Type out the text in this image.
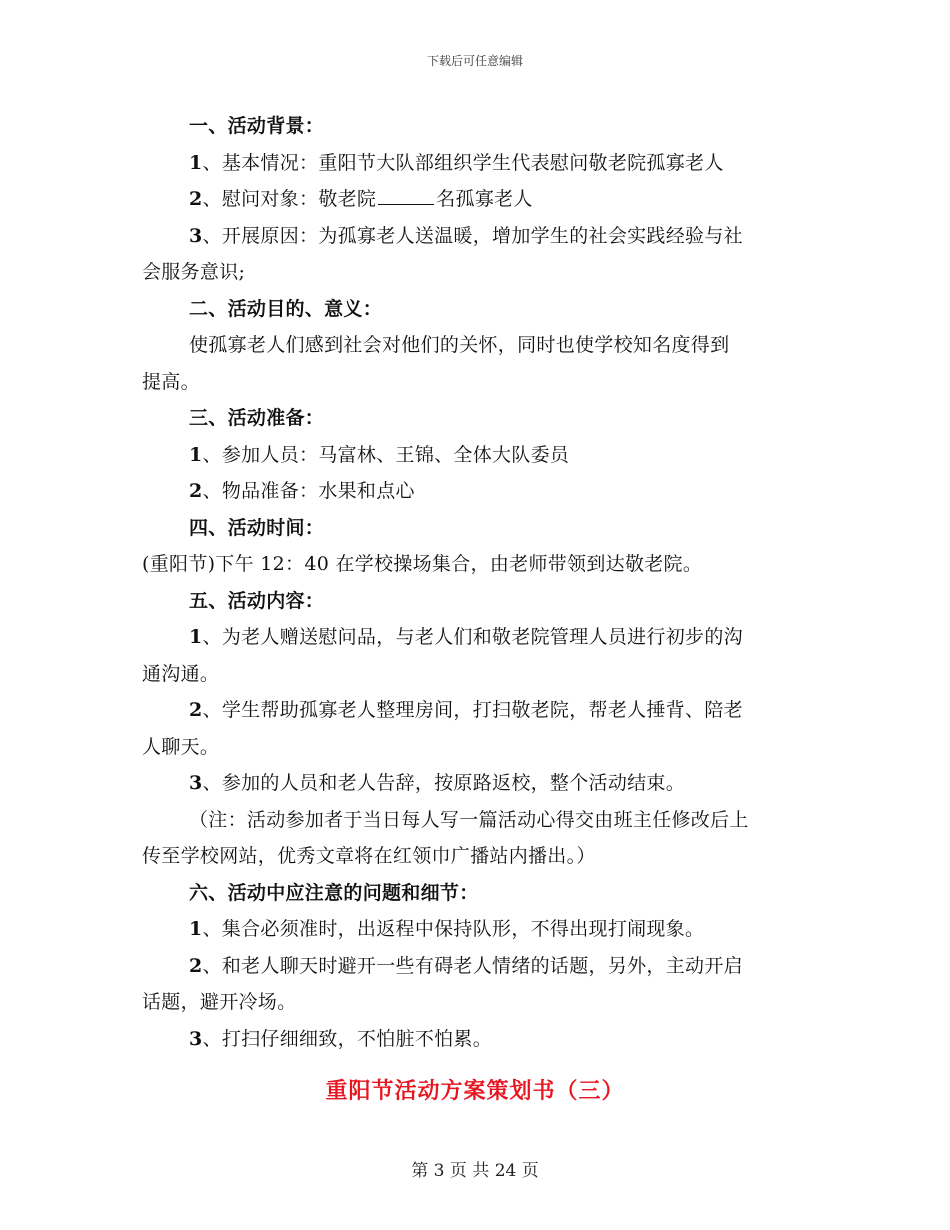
下载后可任意编辑
一、活动背景：
1、基本情况：重阳节大队部组织学生代表慰问敬老院孤寡老人
2、慰问对象：敬老院	名孤寡老人
3、开展原因：为孤寡老人送温暖，增加学生的社会实践经验与社
会服务意识;
二、活动目的、意义：
使孤寡老人们感到社会对他们的关怀，同时也使学校知名度得到
提高。
三、活动准备：
1、参加人员：马富林、王锦、全体大队委员
2、物品准备：水果和点心
四、活动时间：
(重阳节)下午 12：40 在学校操场集合，由老师带领到达敬老院。
五、活动内容：
1、为老人赠送慰问品，与老人们和敬老院管理人员进行初步的沟
通沟通。
2、学生帮助孤寡老人整理房间，打扫敬老院，帮老人捶背、陪老
人聊天。
3、参加的人员和老人告辞，按原路返校，整个活动结束。
（注：活动参加者于当日每人写一篇活动心得交由班主任修改后上
传至学校网站，优秀文章将在红领巾广播站内播出。）
六、活动中应注意的问题和细节：
1、集合必须准时，出返程中保持队形，不得出现打闹现象。
2、和老人聊天时避开一些有碍老人情绪的话题，另外，主动开启
话题，避开冷场。
3、打扫仔细细致，不怕脏不怕累。
重阳节活动方案策划书（三）
第 3 页 共 24 页
